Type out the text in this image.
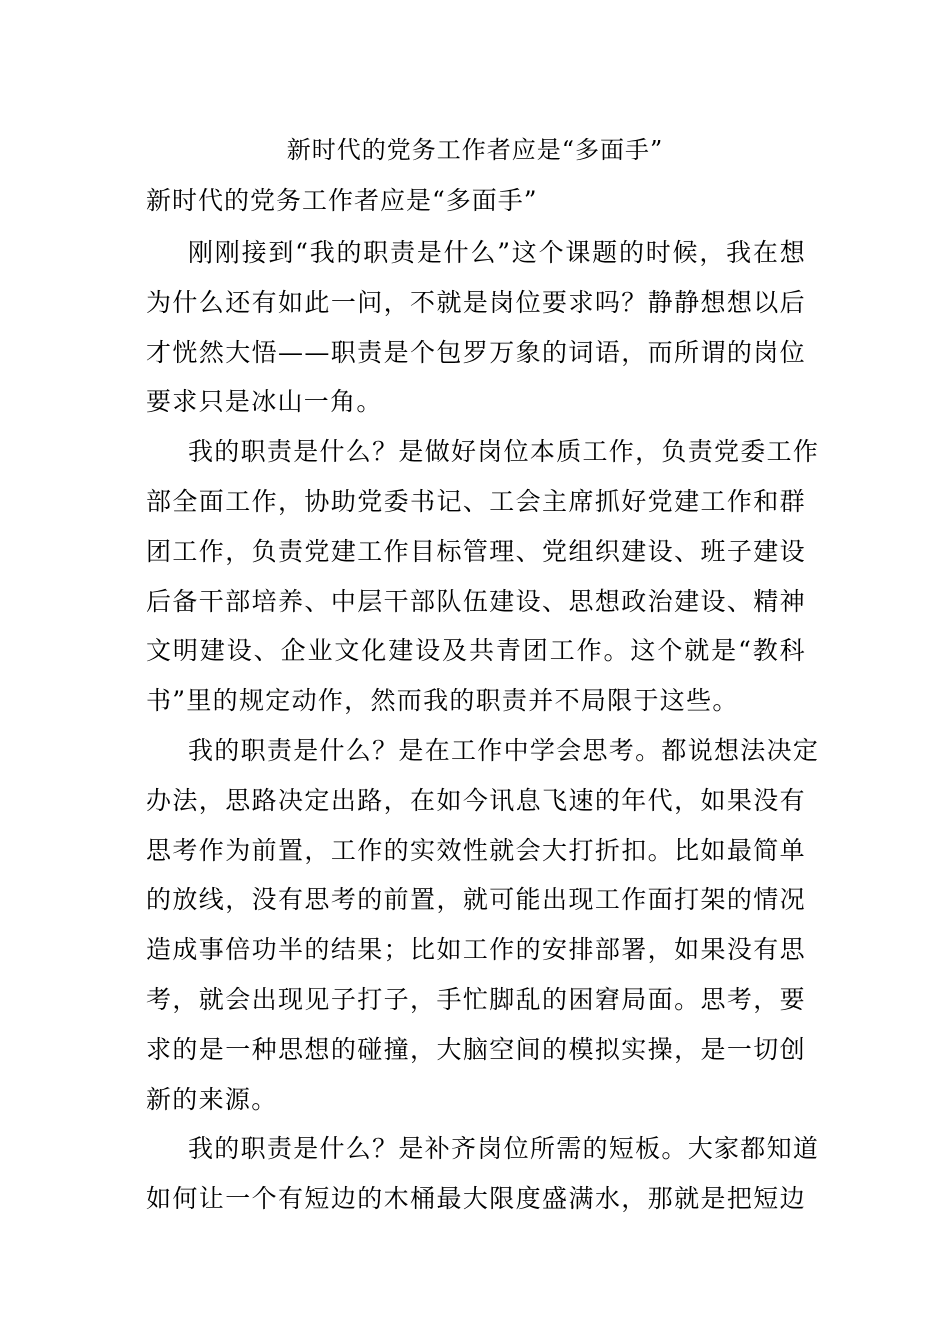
新时代的党务工作者应是“多面手”
新时代的党务工作者应是“多面手”
刚刚接到“我的职责是什么”这个课题的时候，我在想
为什么还有如此一问，不就是岗位要求吗？静静想想以后
才恍然大悟——职责是个包罗万象的词语，而所谓的岗位
要求只是冰山一角。
我的职责是什么？是做好岗位本质工作，负责党委工作
部全面工作，协助党委书记、工会主席抓好党建工作和群
团工作，负责党建工作目标管理、党组织建设、班子建设
后备干部培养、中层干部队伍建设、思想政治建设、精神
文明建设、企业文化建设及共青团工作。这个就是“教科
书”里的规定动作，然而我的职责并不局限于这些。
我的职责是什么？是在工作中学会思考。都说想法决定
办法，思路决定出路，在如今讯息飞速的年代，如果没有
思考作为前置，工作的实效性就会大打折扣。比如最简单
的放线，没有思考的前置，就可能出现工作面打架的情况
造成事倍功半的结果；比如工作的安排部署，如果没有思
考，就会出现见子打子，手忙脚乱的困窘局面。思考，要
求的是一种思想的碰撞，大脑空间的模拟实操，是一切创
新的来源。
我的职责是什么？是补齐岗位所需的短板。大家都知道
如何让一个有短边的木桶最大限度盛满水，那就是把短边
